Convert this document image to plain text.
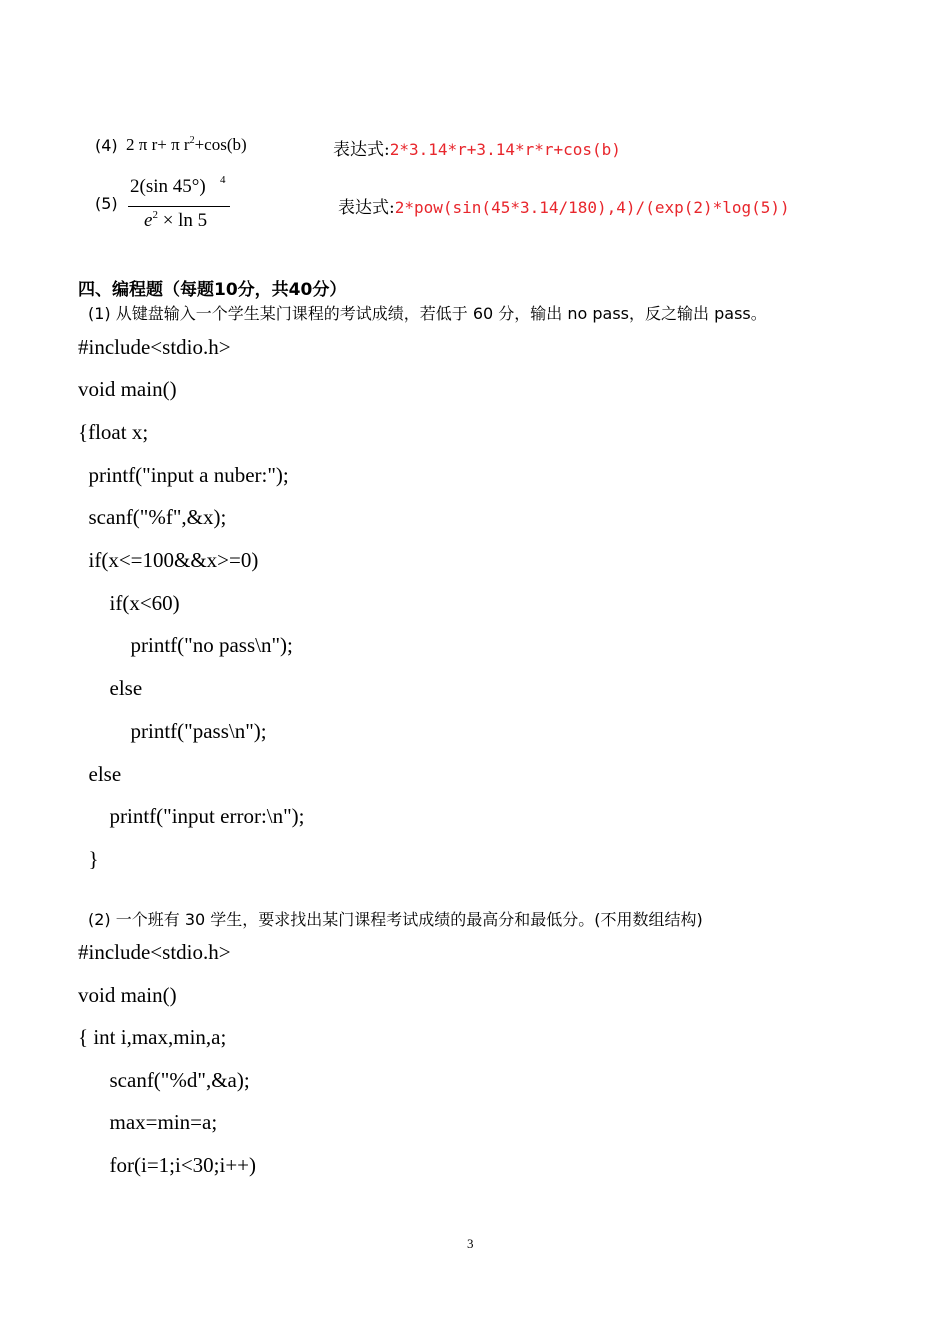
(4) 2 π r+ π $r^2+\cos(b)$	表达式:2*3.14*r+3.14*r*r+cos(b)
(5)
2(sin 45°) 4
$e^2 \times \ln 5$
表达式:2*pow(sin(45*3.14/180),4)/(exp(2)*log(5))
四、编程题（每题10分，共40分）
(1) 从键盘输入一个学生某门课程的考试成绩，若低于 60 分，输出 no pass，反之输出 pass。
#include<stdio.h>
void main()
{float x;
printf("input a nuber:");
scanf("%f",&x);
if(x<=100&&x>=0)
if(x<60)
printf("no pass\n");
else
printf("pass\n");
else
printf("input error:\n");
}
(2) 一个班有 30 学生，要求找出某门课程考试成绩的最高分和最低分。(不用数组结构)
#include<stdio.h>
void main()
{ int i,max,min,a;
scanf("%d",&a);
max=min=a;
for(i=1;i<30;i++)
3
